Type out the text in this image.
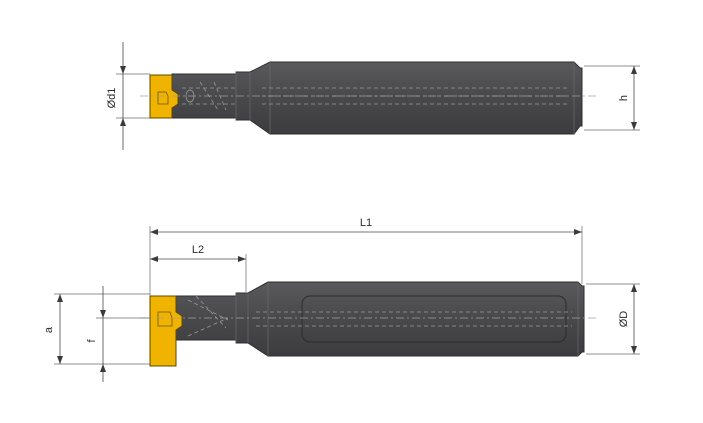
Ød1	h
L1
L2
ØD
a
f
